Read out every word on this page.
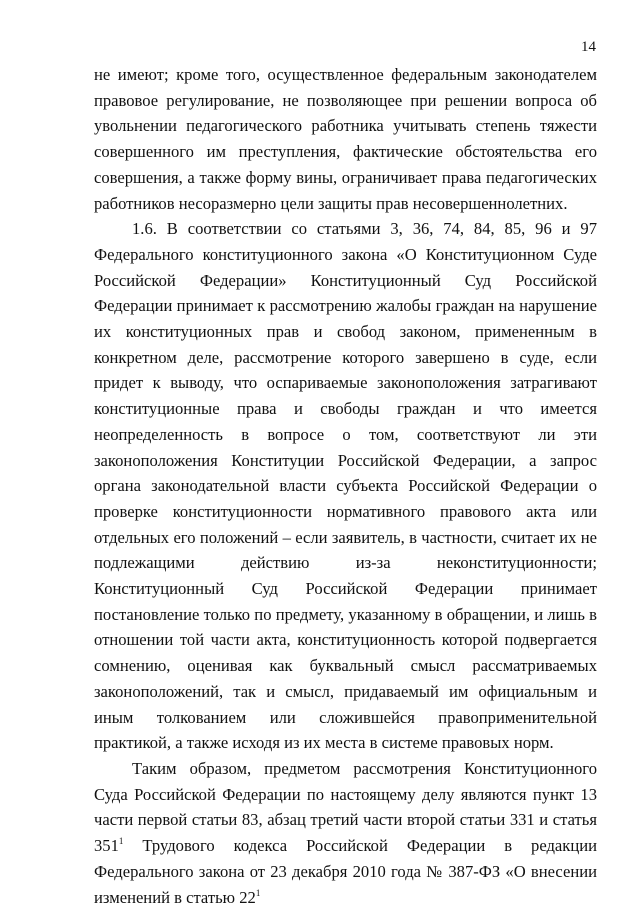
14

не имеют; кроме того, осуществленное федеральным законодателем правовое регулирование, не позволяющее при решении вопроса об увольнении педагогического работника учитывать степень тяжести совершенного им преступления, фактические обстоятельства его совершения, а также форму вины, ограничивает права педагогических работников несоразмерно цели защиты прав несовершеннолетних.

1.6. В соответствии со статьями 3, 36, 74, 84, 85, 96 и 97 Федерального конституционного закона «О Конституционном Суде Российской Федерации» Конституционный Суд Российской Федерации принимает к рассмотрению жалобы граждан на нарушение их конституционных прав и свобод законом, примененным в конкретном деле, рассмотрение которого завершено в суде, если придет к выводу, что оспариваемые законоположения затрагивают конституционные права и свободы граждан и что имеется неопределенность в вопросе о том, соответствуют ли эти законоположения Конституции Российской Федерации, а запрос органа законодательной власти субъекта Российской Федерации о проверке конституционности нормативного правового акта или отдельных его положений – если заявитель, в частности, считает их не подлежащими действию из-за неконституционности; Конституционный Суд Российской Федерации принимает постановление только по предмету, указанному в обращении, и лишь в отношении той части акта, конституционность которой подвергается сомнению, оценивая как буквальный смысл рассматриваемых законоположений, так и смысл, придаваемый им официальным и иным толкованием или сложившейся правоприменительной практикой, а также исходя из их места в системе правовых норм.

Таким образом, предметом рассмотрения Конституционного Суда Российской Федерации по настоящему делу являются пункт 13 части первой статьи 83, абзац третий части второй статьи 331 и статья $351^1$ Трудового кодекса Российской Федерации в редакции Федерального закона от 23 декабря 2010 года № 387-ФЗ «О внесении изменений в статью $22^1$
